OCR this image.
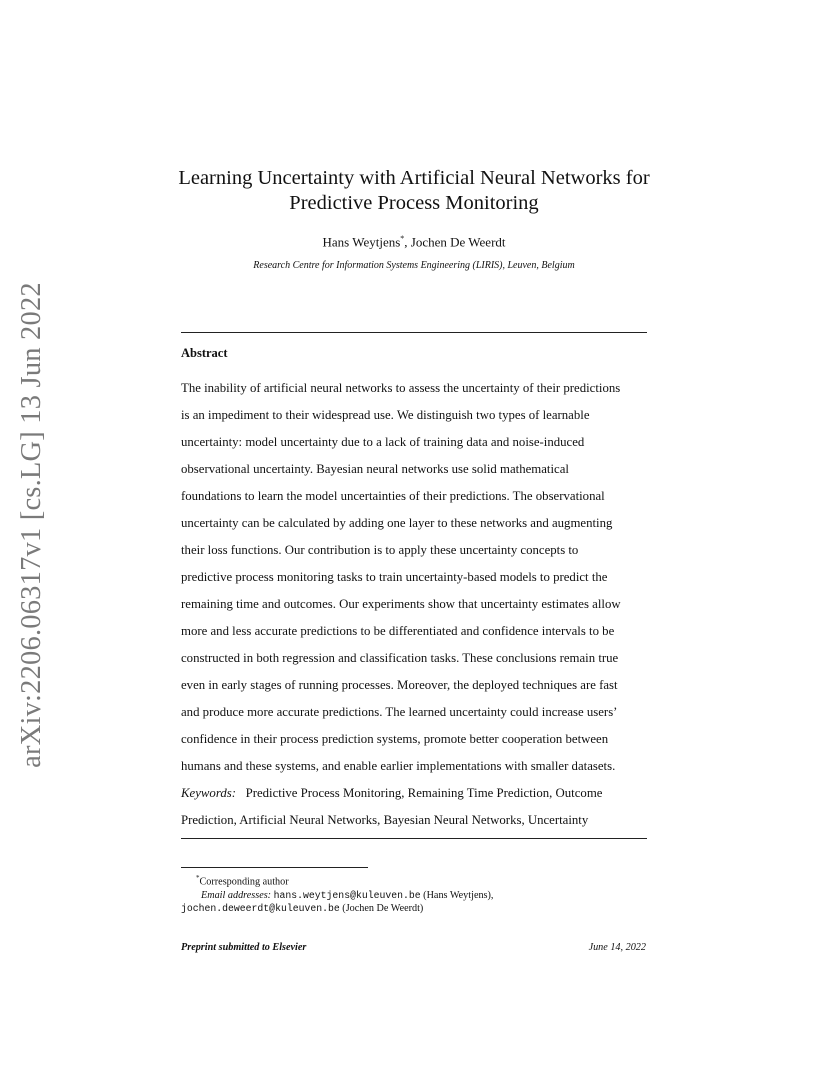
arXiv:2206.06317v1 [cs.LG] 13 Jun 2022
Learning Uncertainty with Artificial Neural Networks for
Predictive Process Monitoring
Hans Weytjens*, Jochen De Weerdt
Research Centre for Information Systems Engineering (LIRIS), Leuven, Belgium
Abstract
The inability of artificial neural networks to assess the uncertainty of their predictions
is an impediment to their widespread use. We distinguish two types of learnable
uncertainty: model uncertainty due to a lack of training data and noise-induced
observational uncertainty. Bayesian neural networks use solid mathematical
foundations to learn the model uncertainties of their predictions. The observational
uncertainty can be calculated by adding one layer to these networks and augmenting
their loss functions. Our contribution is to apply these uncertainty concepts to
predictive process monitoring tasks to train uncertainty-based models to predict the
remaining time and outcomes. Our experiments show that uncertainty estimates allow
more and less accurate predictions to be differentiated and confidence intervals to be
constructed in both regression and classification tasks. These conclusions remain true
even in early stages of running processes. Moreover, the deployed techniques are fast
and produce more accurate predictions. The learned uncertainty could increase users’
confidence in their process prediction systems, promote better cooperation between
humans and these systems, and enable earlier implementations with smaller datasets.
Keywords:  Predictive Process Monitoring, Remaining Time Prediction, Outcome
Prediction, Artificial Neural Networks, Bayesian Neural Networks, Uncertainty
*Corresponding author
Email addresses: hans.weytjens@kuleuven.be (Hans Weytjens),
jochen.deweerdt@kuleuven.be (Jochen De Weerdt)
Preprint submitted to Elsevier	June 14, 2022
